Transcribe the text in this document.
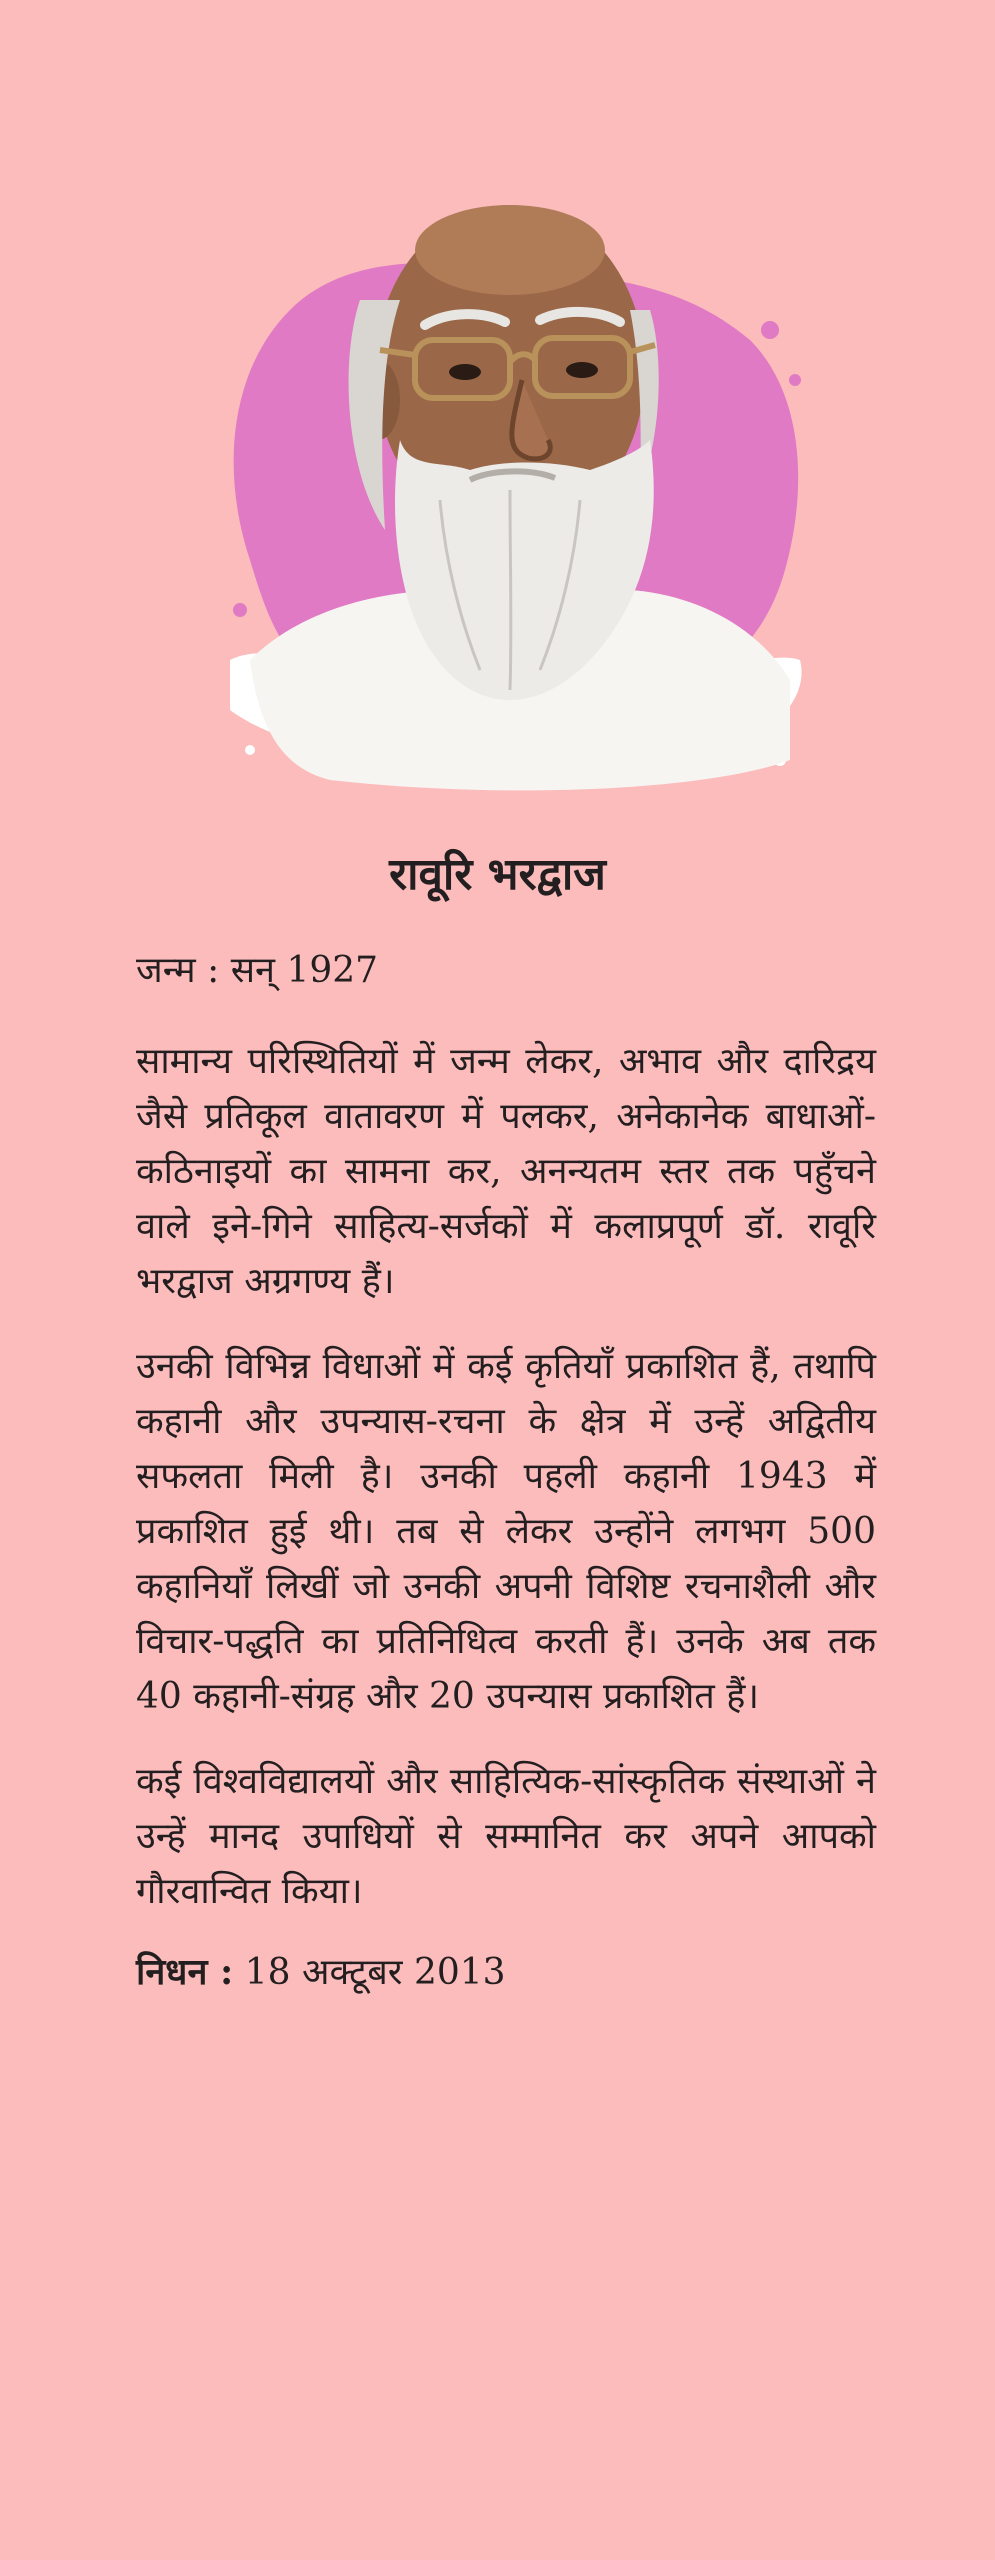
रावूरि भरद्वाज

जन्म : सन् 1927

सामान्य परिस्थितियों में जन्म लेकर, अभाव और दारिद्रय जैसे प्रतिकूल वातावरण में पलकर, अनेकानेक बाधाओं-कठिनाइयों का सामना कर, अनन्यतम स्तर तक पहुँचने वाले इने-गिने साहित्य-सर्जकों में कलाप्रपूर्ण डॉ. रावूरि भरद्वाज अग्रगण्य हैं।

उनकी विभिन्न विधाओं में कई कृतियाँ प्रकाशित हैं, तथापि कहानी और उपन्यास-रचना के क्षेत्र में उन्हें अद्वितीय सफलता मिली है। उनकी पहली कहानी 1943 में प्रकाशित हुई थी। तब से लेकर उन्होंने लगभग 500 कहानियाँ लिखीं जो उनकी अपनी विशिष्ट रचनाशैली और विचार-पद्धति का प्रतिनिधित्व करती हैं। उनके अब तक 40 कहानी-संग्रह और 20 उपन्यास प्रकाशित हैं।

कई विश्वविद्यालयों और साहित्यिक-सांस्कृतिक संस्थाओं ने उन्हें मानद उपाधियों से सम्मानित कर अपने आपको गौरवान्वित किया।

निधन : 18 अक्टूबर 2013
